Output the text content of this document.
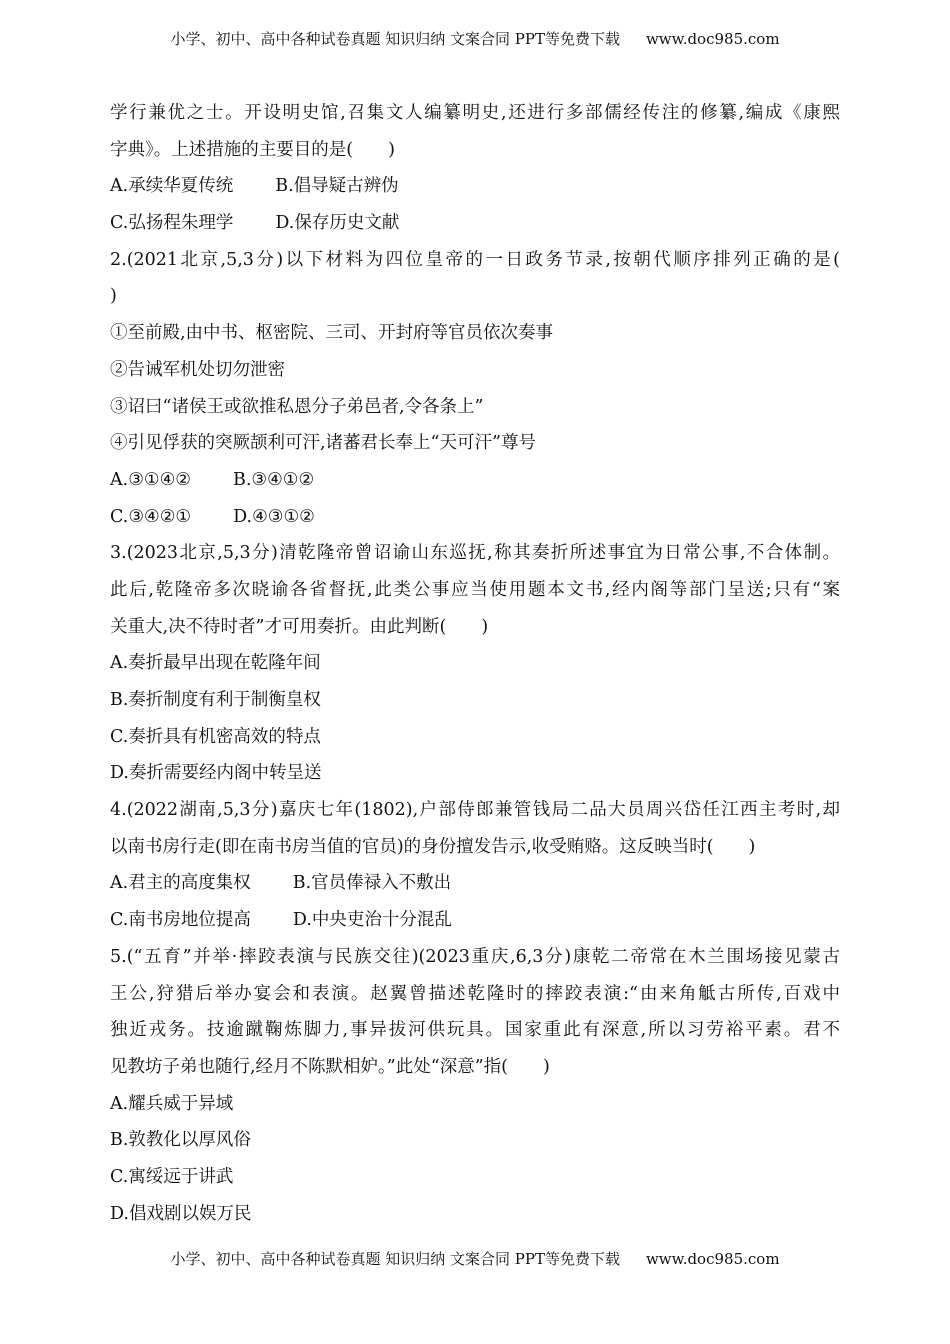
小学、初中、高中各种试卷真题 知识归纳 文案合同 PPT等免费下载 www.doc985.com
学行兼优之士。开设明史馆,召集文人编纂明史,还进行多部儒经传注的修纂,编成《康熙
字典》。上述措施的主要目的是(　　)
A.承续华夏传统 B.倡导疑古辨伪
C.弘扬程朱理学 D.保存历史文献
2.(2021北京,5,3分)以下材料为四位皇帝的一日政务节录,按朝代顺序排列正确的是(
)
①至前殿,由中书、枢密院、三司、开封府等官员依次奏事
②告诫军机处切勿泄密
③诏曰“诸侯王或欲推私恩分子弟邑者,令各条上”
④引见俘获的突厥颉利可汗,诸蕃君长奉上“天可汗”尊号
A.③①④② B.③④①②
C.③④②① D.④③①②
3.(2023北京,5,3分)清乾隆帝曾诏谕山东巡抚,称其奏折所述事宜为日常公事,不合体制。
此后,乾隆帝多次晓谕各省督抚,此类公事应当使用题本文书,经内阁等部门呈送;只有“案
关重大,决不待时者”才可用奏折。由此判断(　　)
A.奏折最早出现在乾隆年间
B.奏折制度有利于制衡皇权
C.奏折具有机密高效的特点
D.奏折需要经内阁中转呈送
4.(2022湖南,5,3分)嘉庆七年(1802),户部侍郎兼管钱局二品大员周兴岱任江西主考时,却
以南书房行走(即在南书房当值的官员)的身份擅发告示,收受贿赂。这反映当时(　　)
A.君主的高度集权 B.官员俸禄入不敷出
C.南书房地位提高 D.中央吏治十分混乱
5.(“五育”并举·摔跤表演与民族交往)(2023重庆,6,3分)康乾二帝常在木兰围场接见蒙古
王公,狩猎后举办宴会和表演。赵翼曾描述乾隆时的摔跤表演:“由来角觝古所传,百戏中
独近戎务。技逾蹴鞠炼脚力,事异拔河供玩具。国家重此有深意,所以习劳裕平素。君不
见教坊子弟也随行,经月不陈默相妒。”此处“深意”指(　　)
A.耀兵威于异域
B.敦教化以厚风俗
C.寓绥远于讲武
D.倡戏剧以娱万民
小学、初中、高中各种试卷真题 知识归纳 文案合同 PPT等免费下载 www.doc985.com
